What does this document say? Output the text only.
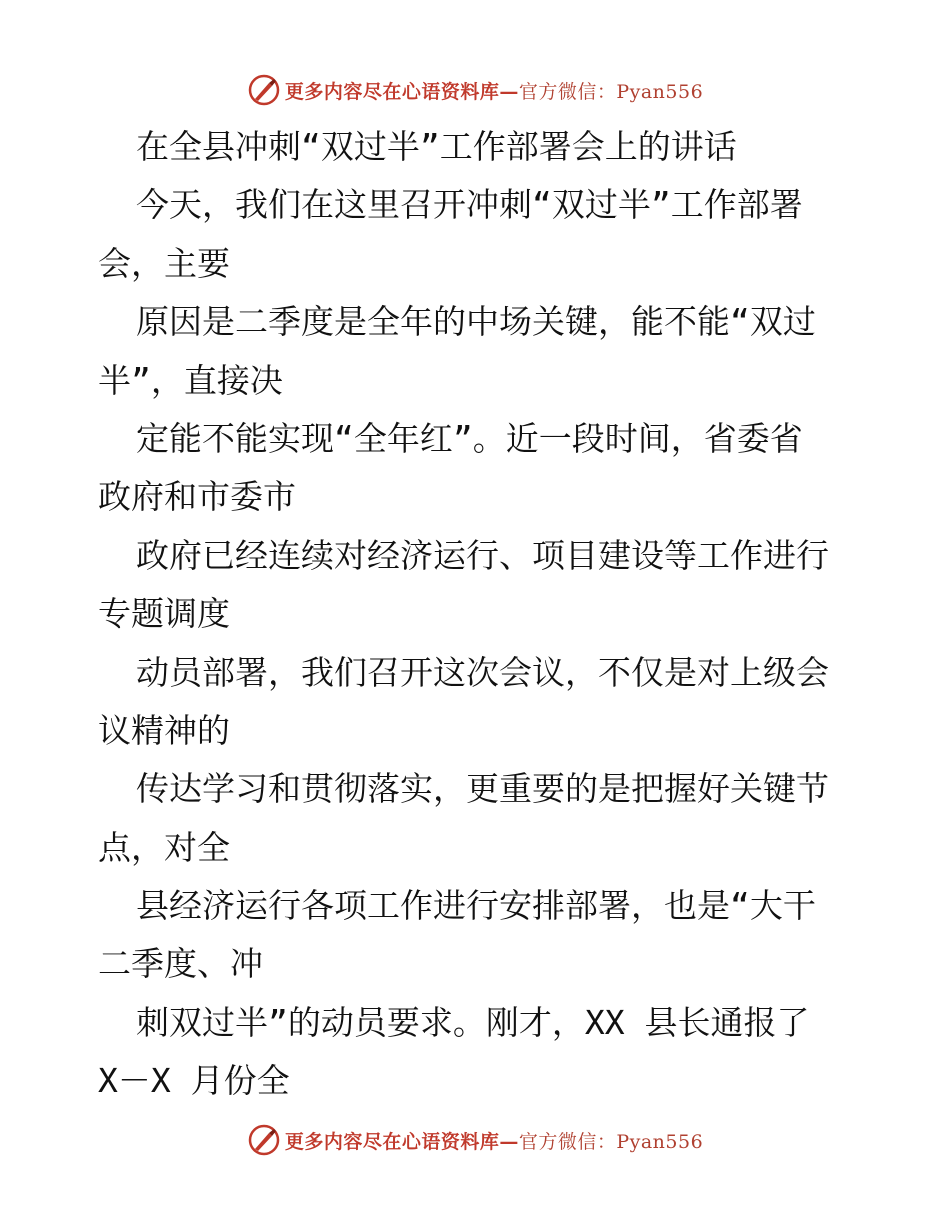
更多内容尽在心语资料库—官方微信：Pyan556
在全县冲刺“双过半”工作部署会上的讲话
今天，我们在这里召开冲刺“双过半”工作部署
会，主要
原因是二季度是全年的中场关键，能不能“双过
半”，直接决
定能不能实现“全年红”。近一段时间，省委省
政府和市委市
政府已经连续对经济运行、项目建设等工作进行
专题调度
动员部署，我们召开这次会议，不仅是对上级会
议精神的
传达学习和贯彻落实，更重要的是把握好关键节
点，对全
县经济运行各项工作进行安排部署，也是“大干
二季度、冲
刺双过半”的动员要求。刚才，XX 县长通报了
X－X 月份全
更多内容尽在心语资料库—官方微信：Pyan556
